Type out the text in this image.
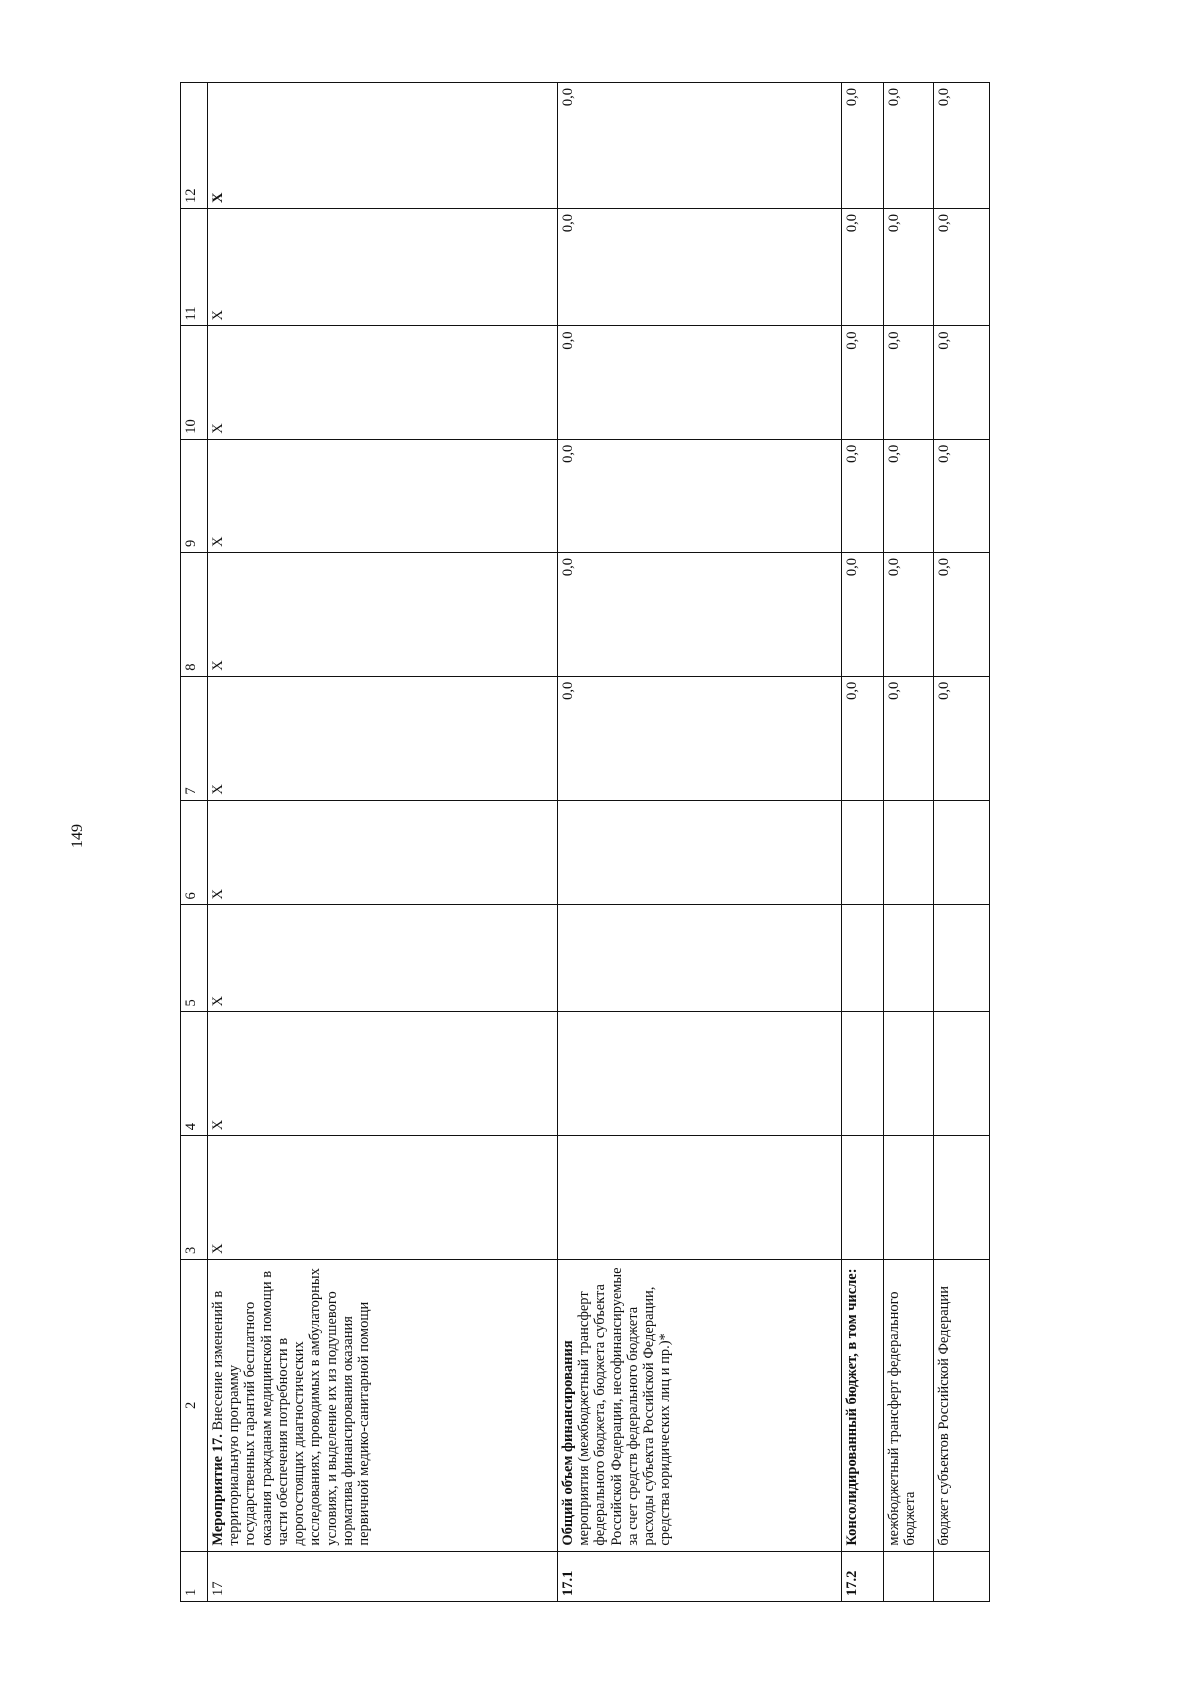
149
1	2	3	4	5	6	7	8	9	10	11	12
17	Мероприятие 17. Внесение изменений в территориальную программу государственных гарантий бесплатного оказания гражданам медицинской помощи в части обеспечения потребности в дорогостоящих диагностических исследованиях, проводимых в амбулаторных условиях, и выделение их из подушевого норматива финансирования оказания первичной медико-санитарной помощи	X	X	X	X	X	X	X	X	X	X
17.1	Общий объем финансирования мероприятия (межбюджетный трансферт федерального бюджета, бюджета субъекта Российской Федерации, несофинансируемые за счет средств федерального бюджета расходы субъекта Российской Федерации, средства юридических лиц и пр.)*					0,0	0,0	0,0	0,0	0,0	0,0
17.2	Консолидированный бюджет, в том числе:					0,0	0,0	0,0	0,0	0,0	0,0
	межбюджетный трансферт федерального бюджета					0,0	0,0	0,0	0,0	0,0	0,0
	бюджет субъектов Российской Федерации					0,0	0,0	0,0	0,0	0,0	0,0
